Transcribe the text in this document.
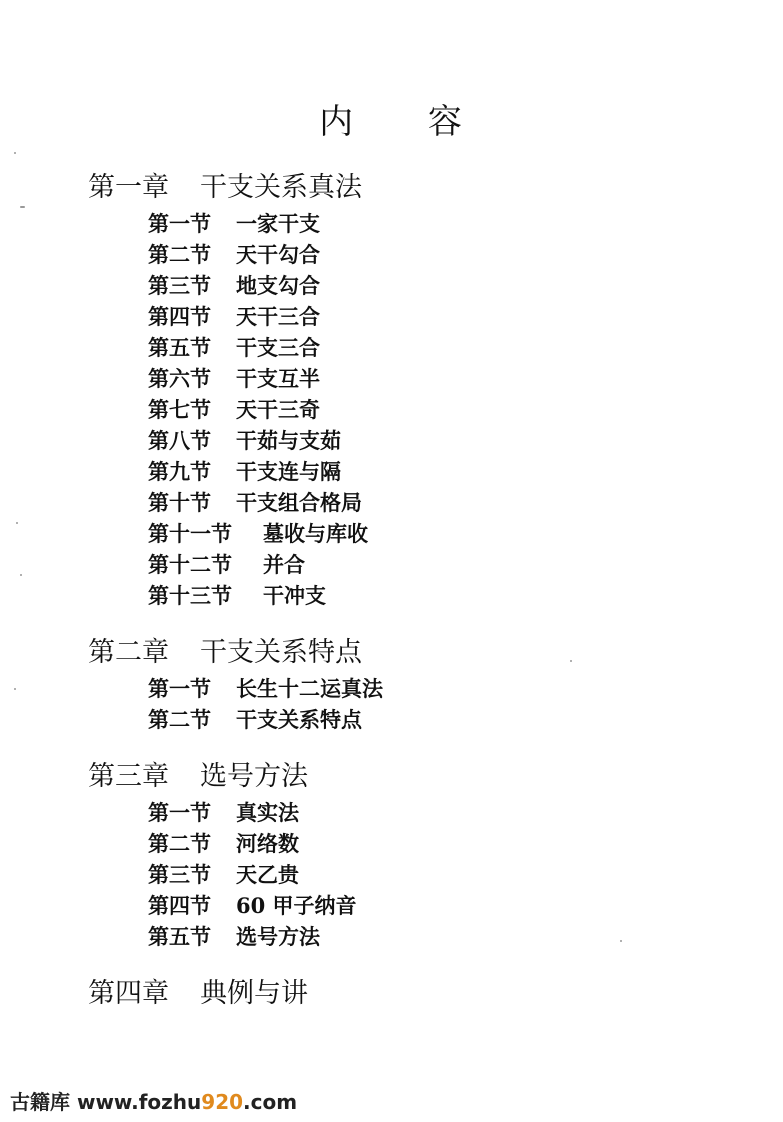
内 容
第一章 干支关系真法
第一节 一家干支
第二节 天干勾合
第三节 地支勾合
第四节 天干三合
第五节 干支三合
第六节 干支互半
第七节 天干三奇
第八节 干茹与支茹
第九节 干支连与隔
第十节 干支组合格局
第十一节 墓收与库收
第十二节 并合
第十三节 干冲支
第二章 干支关系特点
第一节 长生十二运真法
第二节 干支关系特点
第三章 选号方法
第一节 真实法
第二节 河络数
第三节 天乙贵
第四节 60 甲子纳音
第五节 选号方法
第四章 典例与讲
古籍库 www.fozhu920.com
